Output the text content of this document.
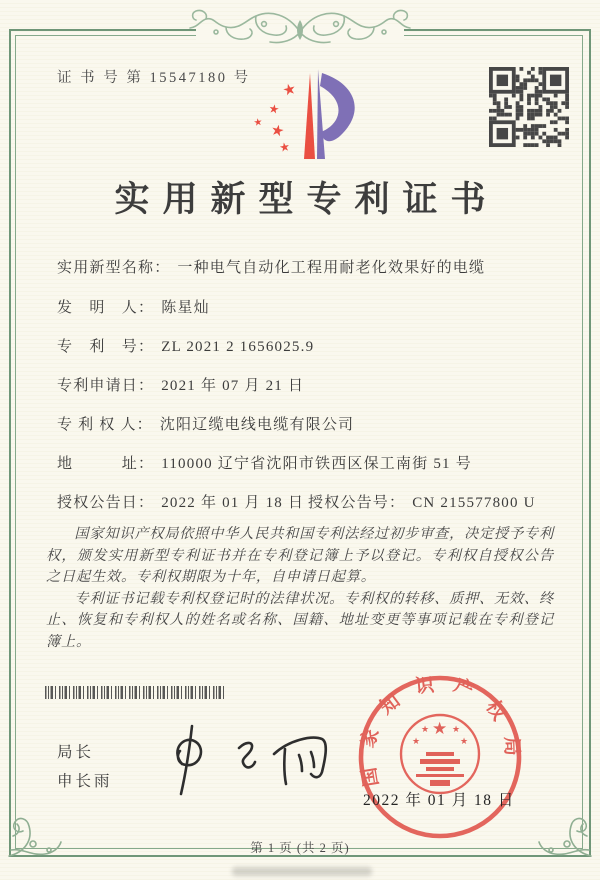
证 书 号 第 15547180 号
★
★
★ ★
★
实用新型专利证书
实用新型名称： 一种电气自动化工程用耐老化效果好的电缆
发　明　人： 陈星灿
专　利　号： ZL 2021 2 1656025.9
专利申请日： 2021 年 07 月 21 日
专 利 权 人： 沈阳辽缆电线电缆有限公司
地　　　址： 110000 辽宁省沈阳市铁西区保工南街 51 号
授权公告日： 2022 年 01 月 18 日 授权公告号： CN 215577800 U

国家知识产权局依照中华人民共和国专利法经过初步审查，决定授予专利权，颁发实用新型专利证书并在专利登记簿上予以登记。专利权自授权公告之日起生效。专利权期限为十年，自申请日起算。

专利证书记载专利权登记时的法律状况。专利权的转移、质押、无效、终止、恢复和专利权人的姓名或名称、国籍、地址变更等事项记载在专利登记簿上。

局长
申长雨	国家知识产权局
★
★
★	★
★
2022 年 01 月 18 日
第 1 页 (共 2 页)
